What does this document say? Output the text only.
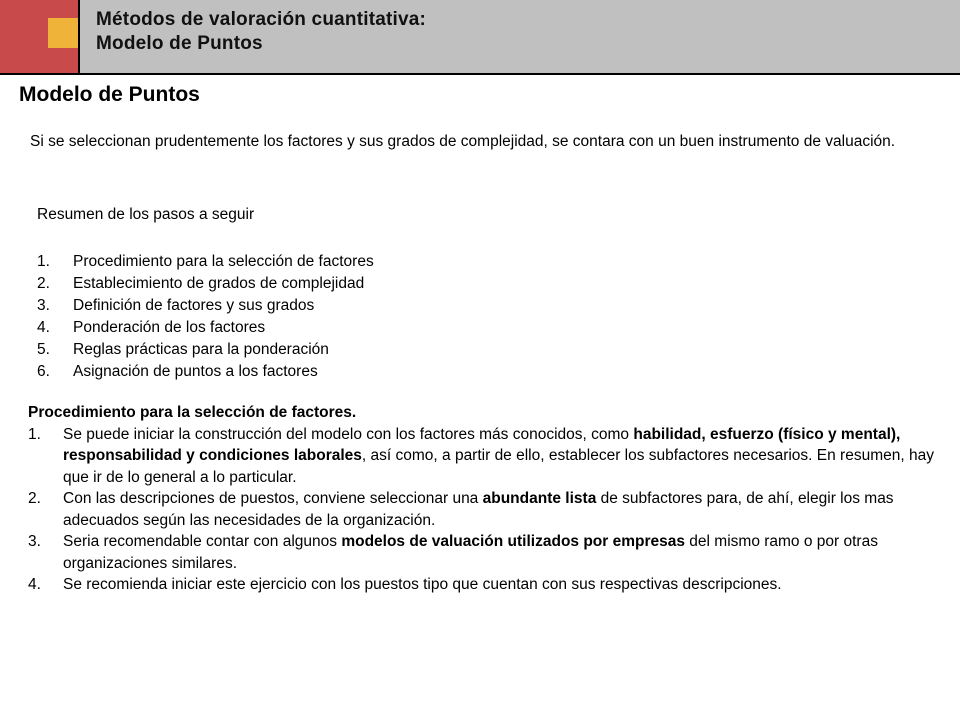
Métodos de valoración cuantitativa:
Modelo de Puntos
Modelo de Puntos
Si se seleccionan prudentemente los factores y sus grados de complejidad, se contara con un buen instrumento de valuación.
Resumen de los pasos a seguir
1. Procedimiento para la selección de factores
2. Establecimiento de grados de complejidad
3. Definición de factores y sus grados
4. Ponderación de los factores
5. Reglas prácticas para la ponderación
6. Asignación de puntos a los factores
Procedimiento para la selección de factores.
1. Se puede iniciar la construcción del modelo con los factores más conocidos, como habilidad, esfuerzo (físico y mental), responsabilidad y condiciones laborales, así como, a partir de ello, establecer los subfactores necesarios. En resumen, hay que ir de lo general a lo particular.
2. Con las descripciones de puestos, conviene seleccionar una abundante lista de subfactores para, de ahí, elegir los mas adecuados según las necesidades de la organización.
3. Seria recomendable contar con algunos modelos de valuación utilizados por empresas del mismo ramo o por otras organizaciones similares.
4. Se recomienda iniciar este ejercicio con los puestos tipo que cuentan con sus respectivas descripciones.
